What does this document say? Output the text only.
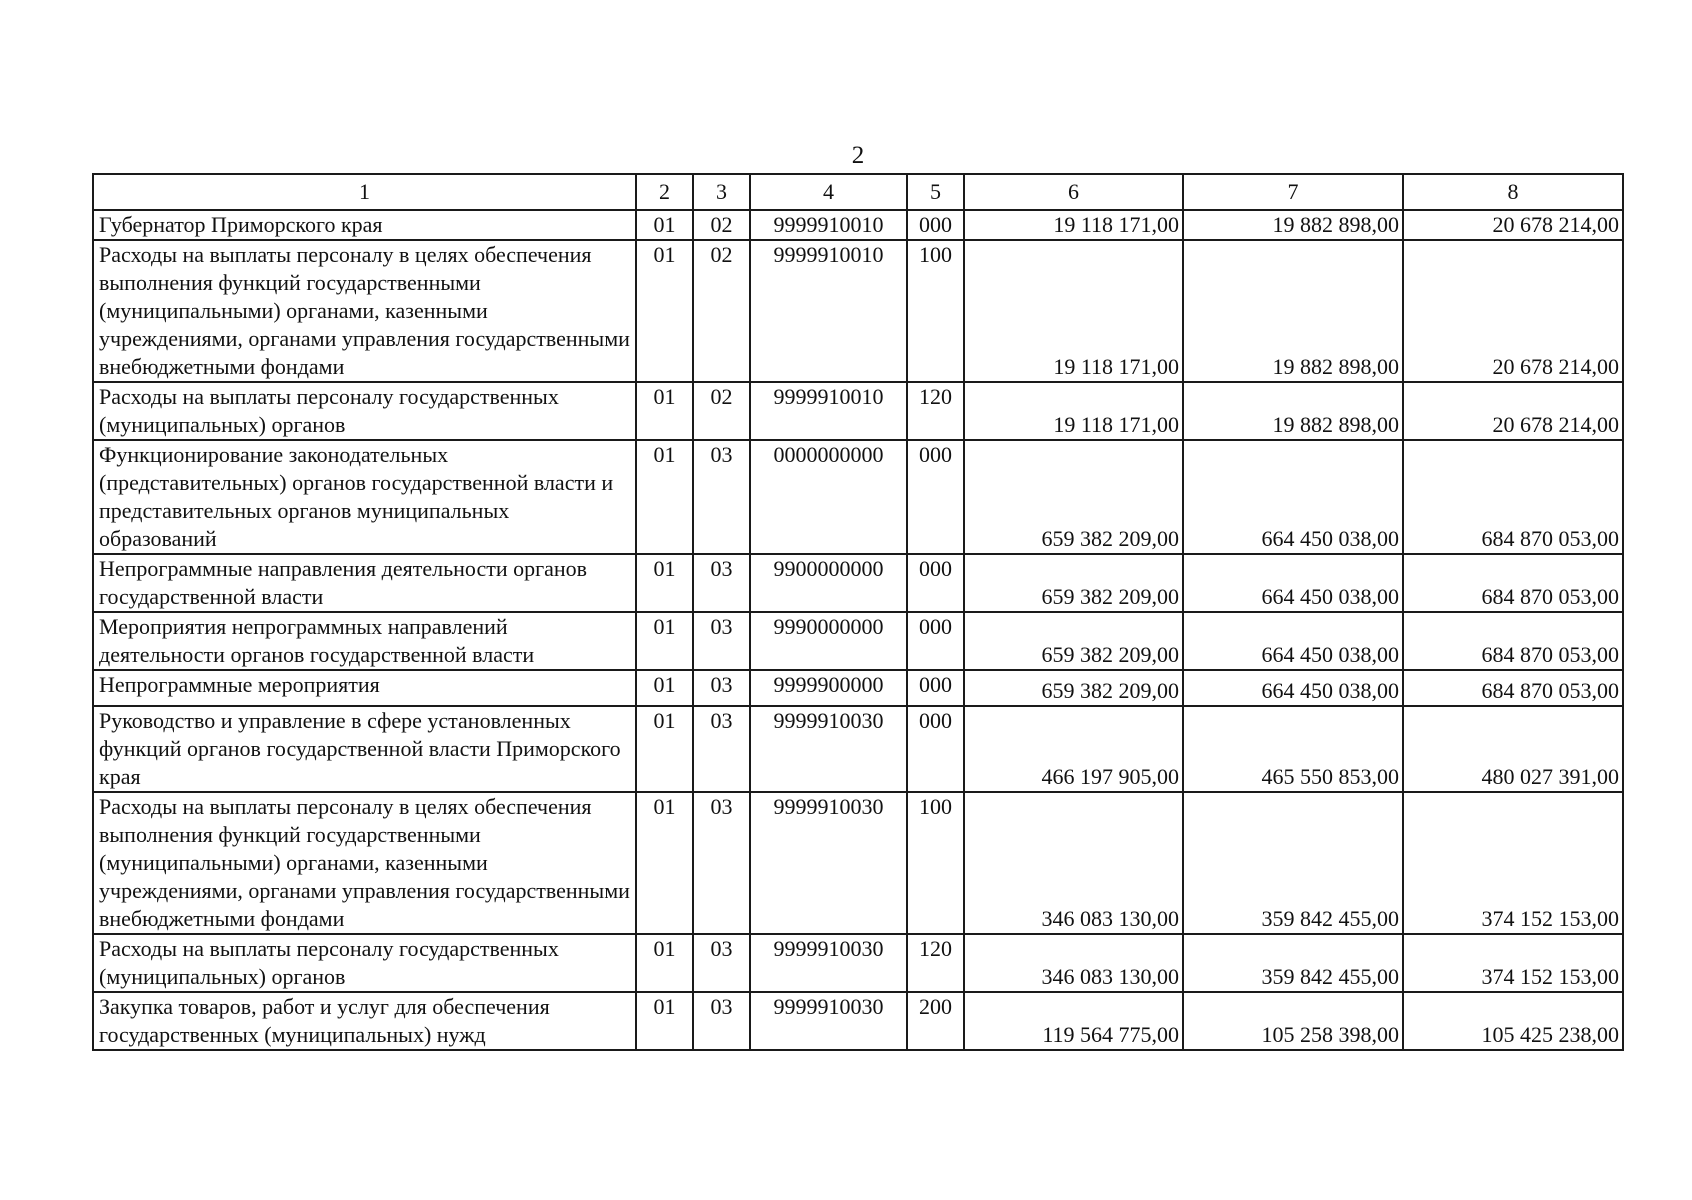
2
1	2	3	4	5	6	7	8
Губернатор Приморского края	01	02	9999910010	000	19 118 171,00	19 882 898,00	20 678 214,00
Расходы на выплаты персоналу в целях обеспечения выполнения функций государственными (муниципальными) органами, казенными учреждениями, органами управления государственными внебюджетными фондами	01	02	9999910010	100	19 118 171,00	19 882 898,00	20 678 214,00
Расходы на выплаты персоналу государственных (муниципальных) органов	01	02	9999910010	120	19 118 171,00	19 882 898,00	20 678 214,00
Функционирование законодательных (представительных) органов государственной власти и представительных органов муниципальных образований	01	03	0000000000	000	659 382 209,00	664 450 038,00	684 870 053,00
Непрограммные направления деятельности органов государственной власти	01	03	9900000000	000	659 382 209,00	664 450 038,00	684 870 053,00
Мероприятия непрограммных направлений деятельности органов государственной власти	01	03	9990000000	000	659 382 209,00	664 450 038,00	684 870 053,00
Непрограммные мероприятия	01	03	9999900000	000	659 382 209,00	664 450 038,00	684 870 053,00
Руководство и управление в сфере установленных функций органов государственной власти Приморского края	01	03	9999910030	000	466 197 905,00	465 550 853,00	480 027 391,00
Расходы на выплаты персоналу в целях обеспечения выполнения функций государственными (муниципальными) органами, казенными учреждениями, органами управления государственными внебюджетными фондами	01	03	9999910030	100	346 083 130,00	359 842 455,00	374 152 153,00
Расходы на выплаты персоналу государственных (муниципальных) органов	01	03	9999910030	120	346 083 130,00	359 842 455,00	374 152 153,00
Закупка товаров, работ и услуг для обеспечения государственных (муниципальных) нужд	01	03	9999910030	200	119 564 775,00	105 258 398,00	105 425 238,00
